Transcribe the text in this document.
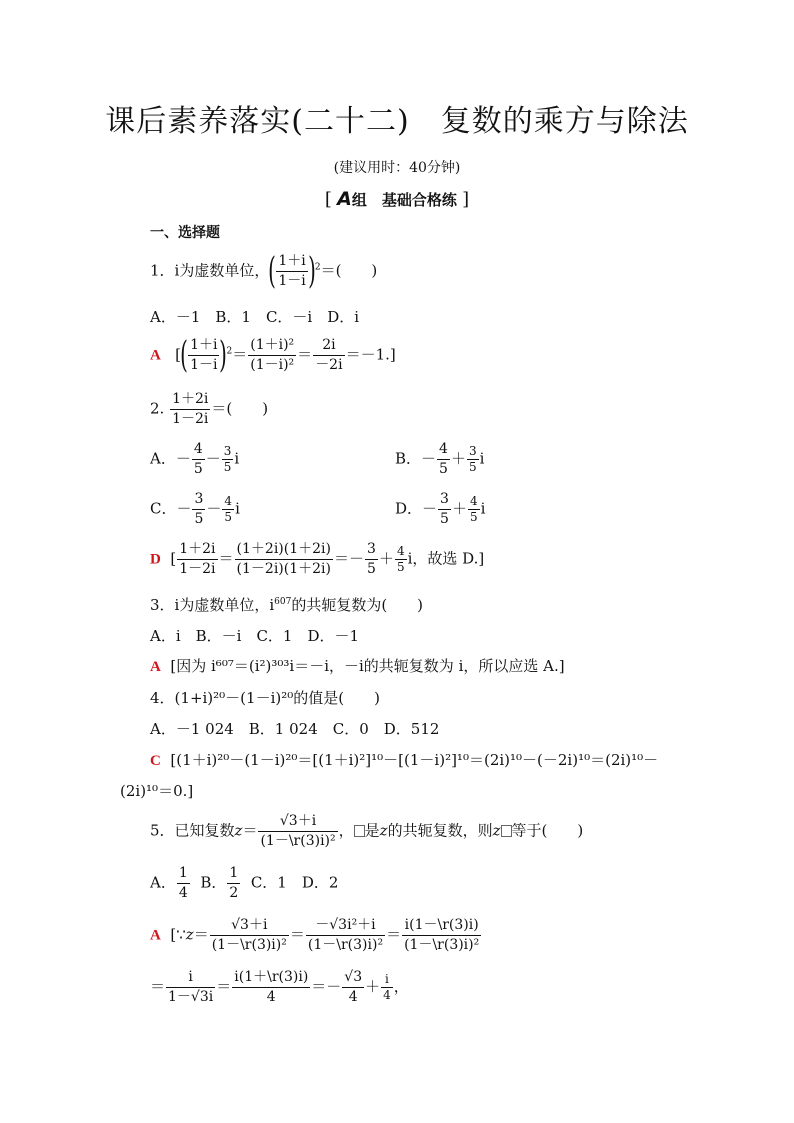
课后素养落实(二十二)　复数的乘方与除法
(建议用时：40分钟)
[ A组　基础合格练 ]
一、选择题
1．i为虚数单位，( $\frac{1+i}{1-i} )^2=$(　　)
A．－1　B．1　C．－i　D．i
A [( $\frac{1+i}{1-i} )^2= \frac{\text{(1＋i)²}}{\text{(1－i)²}} = \frac{2i}{-2i} =-1$.]
2. $\frac{1+2i}{1-2i}$ ＝(　　)
A．－ $\frac{4}{5} - \frac{3}{5}$ i	B．－ $\frac{4}{5} + \frac{3}{5}$ i
C．－ $\frac{3}{5} - \frac{4}{5}$ i	D．－ $\frac{3}{5} + \frac{4}{5}$ i
D  [ $\frac{1+2i}{1-2i} = \frac{(1+2i)(1+2i)}{(1-2i)(1+2i)} =- \frac{3}{5} + \frac{4}{5}$ i，故选 D.]
3．i为虚数单位，$i^{607}$的共轭复数为(　　)
A．i　B．－i　C．1　D．－1
A [因为 i⁶⁰⁷＝(i²)³⁰³i＝－i，－i的共轭复数为 i，所以应选 A.]
4．(1+i)²⁰－(1－i)²⁰的值是(　　)
A．－1 024　B．1 024　C．0　D．512
C [(1＋i)²⁰－(1－i)²⁰＝[(1＋i)²]¹⁰－[(1－i)²]¹⁰＝(2i)¹⁰－(－2i)¹⁰＝(2i)¹⁰－
(2i)¹⁰＝0.]
5．已知复数$z= \frac{√3+i}{\text{(1－\textbackslash{}r(3)i)²}}$ ， 是z的共轭复数，则z 等于(　　)
A． $\frac{1}{4}$ B． $\frac{1}{2}$ C．1　D．2
A  [∵z＝ $\frac{√3+i}{\text{(1－\textbackslash{}r(3)i)²}} = \frac{\text{－√3i²＋i}}{\text{(1－\textbackslash{}r(3)i)²}} = \frac{i(1-\backslash r(3)i)}{\text{(1－\textbackslash{}r(3)i)²}}$
＝ $\frac{i}{1-√3i} = \frac{i(1+\backslash r(3)i)}{4} =- \frac{√3}{4} + \frac{i}{4}$ ，
